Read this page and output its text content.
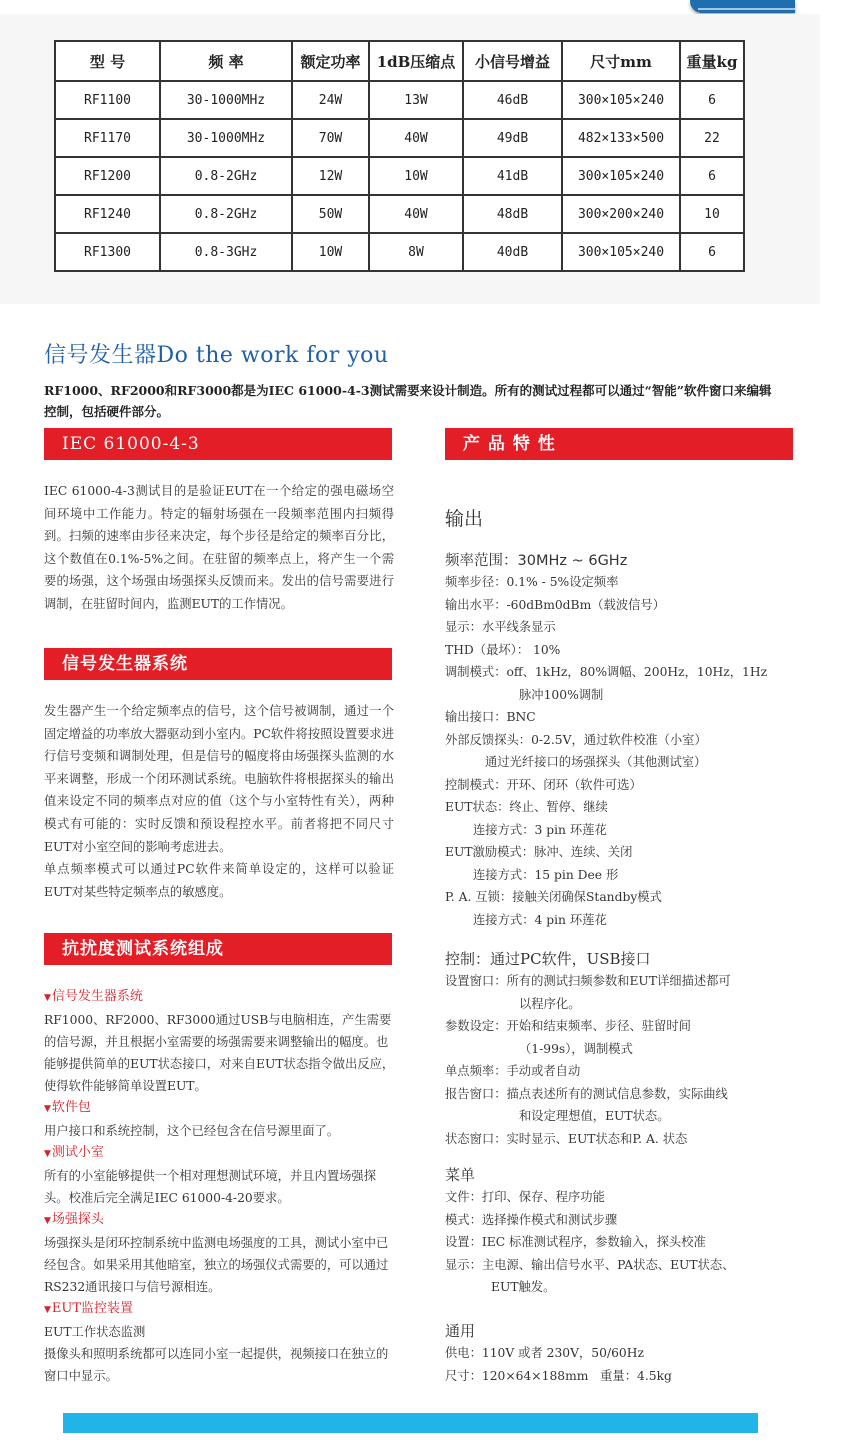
型 号	频 率	额定功率	1dB压缩点	小信号增益	尺寸mm	重量kg
RF1100	30-1000MHz	24W	13W	46dB	300×105×240	6
RF1170	30-1000MHz	70W	40W	49dB	482×133×500	22
RF1200	0.8-2GHz	12W	10W	41dB	300×105×240	6
RF1240	0.8-2GHz	50W	40W	48dB	300×200×240	10
RF1300	0.8-3GHz	10W	8W	40dB	300×105×240	6
信号发生器Do the work for you
RF1000、RF2000和RF3000都是为IEC 61000-4-3测试需要来设计制造。所有的测试过程都可以通过“智能”软件窗口来编辑控制，包括硬件部分。
IEC 61000-4-3

IEC 61000-4-3测试目的是验证EUT在一个给定的强电磁场空间环境中工作能力。特定的辐射场强在一段频率范围内扫频得到。扫频的速率由步径来决定，每个步径是给定的频率百分比，这个数值在0.1%-5%之间。在驻留的频率点上，将产生一个需要的场强，这个场强由场强探头反馈而来。发出的信号需要进行调制，在驻留时间内，监测EUT的工作情况。

信号发生器系统

发生器产生一个给定频率点的信号，这个信号被调制，通过一个固定增益的功率放大器驱动到小室内。PC软件将按照设置要求进行信号变频和调制处理，但是信号的幅度将由场强探头监测的水平来调整，形成一个闭环测试系统。电脑软件将根据探头的输出值来设定不同的频率点对应的值（这个与小室特性有关），两种模式有可能的：实时反馈和预设程控水平。前者将把不同尺寸EUT对小室空间的影响考虑进去。

单点频率模式可以通过PC软件来简单设定的，这样可以验证EUT对某些特定频率点的敏感度。

抗扰度测试系统组成
▼信号发生器系统
RF1000、RF2000、RF3000通过USB与电脑相连，产生需要的信号源，并且根据小室需要的场强需要来调整输出的幅度。也能够提供简单的EUT状态接口，对来自EUT状态指令做出反应，使得软件能够简单设置EUT。
▼软件包
用户接口和系统控制，这个已经包含在信号源里面了。
▼测试小室
所有的小室能够提供一个相对理想测试环境，并且内置场强探头。校准后完全满足IEC 61000-4-20要求。
▼场强探头
场强探头是闭环控制系统中监测电场强度的工具，测试小室中已经包含。如果采用其他暗室，独立的场强仪式需要的，可以通过RS232通讯接口与信号源相连。
▼EUT监控装置
EUT工作状态监测
摄像头和照明系统都可以连同小室一起提供，视频接口在独立的窗口中显示。
产 品 特 性
输出
频率范围：30MHz ~ 6GHz
频率步径：0.1% - 5%设定频率
输出水平：-60dBm0dBm（载波信号）
显示：水平线条显示
THD（最坏）： 10%
调制模式：off、1kHz，80%调幅、200Hz，10Hz，1Hz
脉冲100%调制
输出接口：BNC
外部反馈探头：0-2.5V，通过软件校准（小室）
通过光纤接口的场强探头（其他测试室）
控制模式：开环、闭环（软件可选）
EUT状态：终止、暂停、继续
连接方式：3 pin 环莲花
EUT激励模式：脉冲、连续、关闭
连接方式：15 pin Dee 形
P. A. 互锁：接触关闭确保Standby模式
连接方式：4 pin 环莲花
控制：通过PC软件，USB接口
设置窗口：所有的测试扫频参数和EUT详细描述都可
以程序化。
参数设定：开始和结束频率、步径、驻留时间
（1-99s），调制模式
单点频率：手动或者自动
报告窗口：描点表述所有的测试信息参数，实际曲线
和设定理想值，EUT状态。
状态窗口：实时显示、EUT状态和P. A. 状态
菜单
文件：打印、保存、程序功能
模式：选择操作模式和测试步骤
设置：IEC 标准测试程序，参数输入，探头校准
显示：主电源、输出信号水平、PA状态、EUT状态、
EUT触发。
通用
供电：110V 或者 230V，50/60Hz
尺寸：120×64×188mm   重量：4.5kg
